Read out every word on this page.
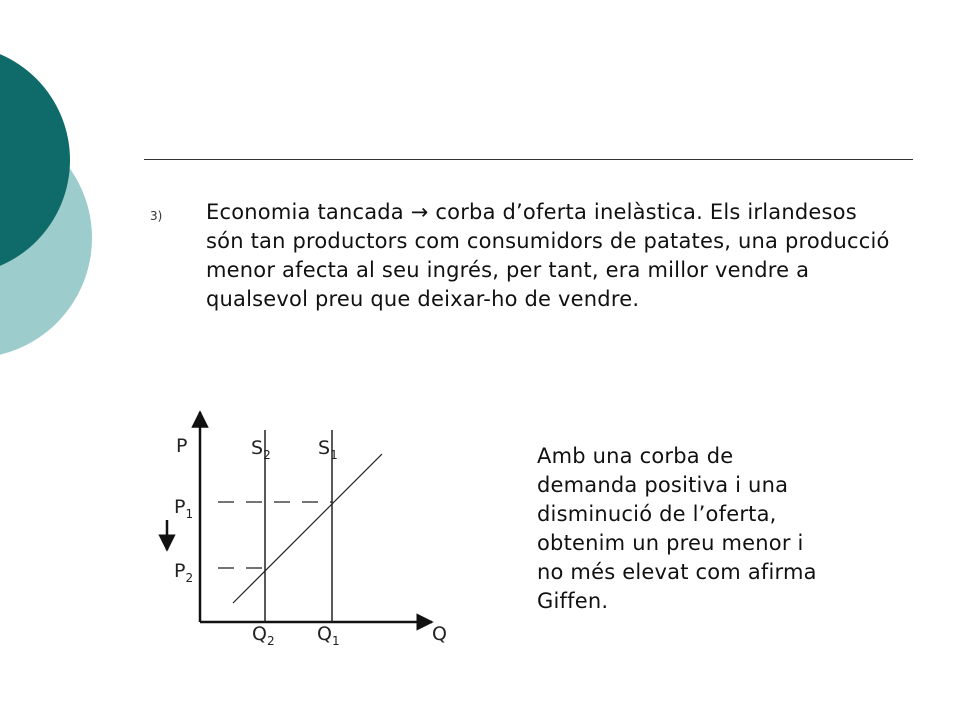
3) Economia tancada → corba d’oferta inelàstica. Els irlandesos són tan productors com consumidors de patates, una producció menor afecta al seu ingrés, per tant, era millor vendre a qualsevol preu que deixar-ho de vendre.
P
Q
$S_2$ $S_1$
$P_1$
$P_2$
$Q_2$ $Q_1$
Amb una corba de demanda positiva i una disminució de l’oferta, obtenim un preu menor i no més elevat com afirma Giffen.
